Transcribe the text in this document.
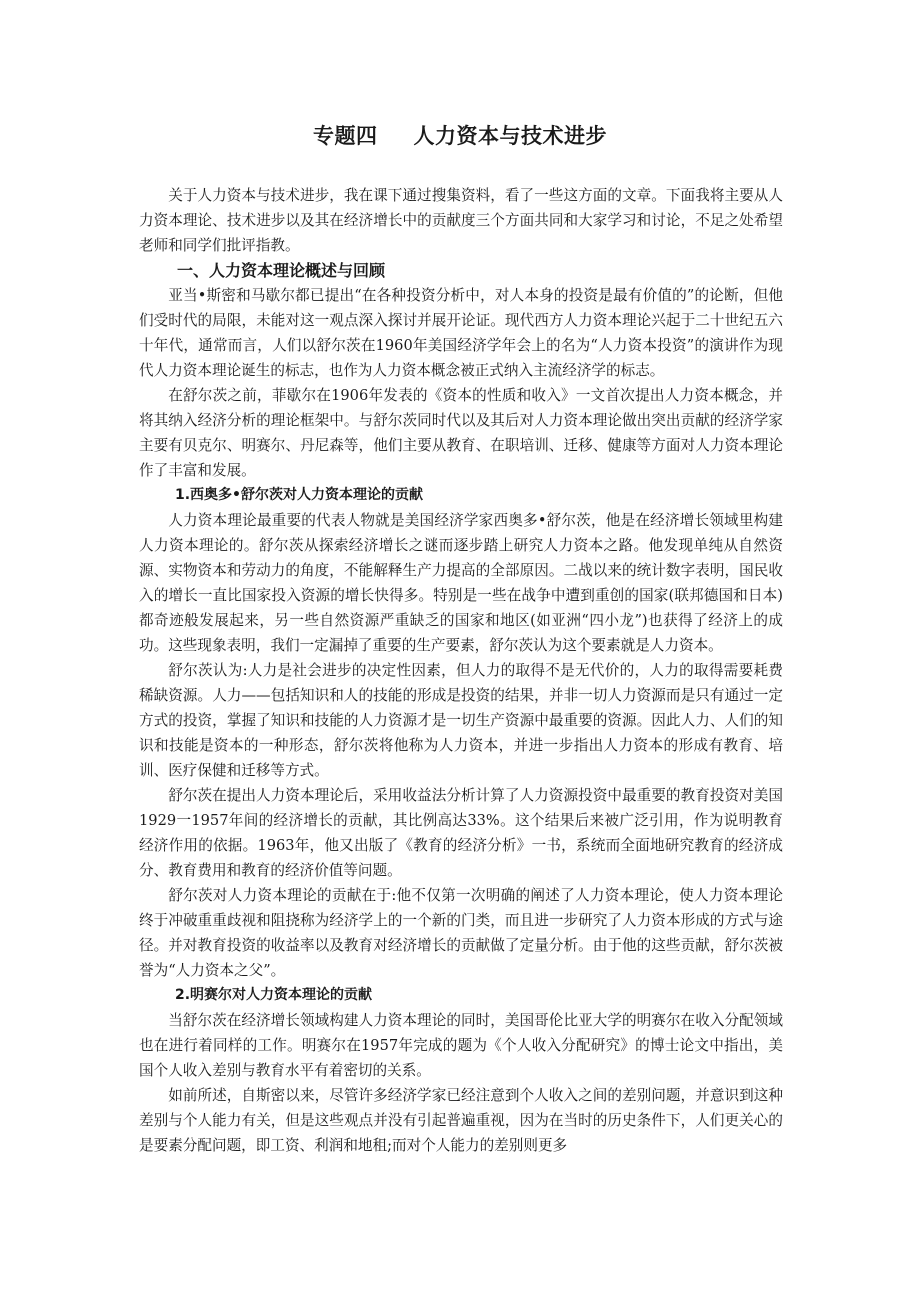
专题四 人力资本与技术进步

关于人力资本与技术进步，我在课下通过搜集资料，看了一些这方面的文章。下面我将主要从人力资本理论、技术进步以及其在经济增长中的贡献度三个方面共同和大家学习和讨论，不足之处希望老师和同学们批评指教。

一、人力资本理论概述与回顾

亚当•斯密和马歇尔都已提出“在各种投资分析中，对人本身的投资是最有价值的”的论断，但他们受时代的局限，未能对这一观点深入探讨并展开论证。现代西方人力资本理论兴起于二十世纪五六十年代，通常而言，人们以舒尔茨在1960年美国经济学年会上的名为“人力资本投资”的演讲作为现代人力资本理论诞生的标志，也作为人力资本概念被正式纳入主流经济学的标志。

在舒尔茨之前，菲歇尔在1906年发表的《资本的性质和收入》一文首次提出人力资本概念，并将其纳入经济分析的理论框架中。与舒尔茨同时代以及其后对人力资本理论做出突出贡献的经济学家主要有贝克尔、明赛尔、丹尼森等，他们主要从教育、在职培训、迁移、健康等方面对人力资本理论作了丰富和发展。

1.西奥多•舒尔茨对人力资本理论的贡献

人力资本理论最重要的代表人物就是美国经济学家西奥多•舒尔茨，他是在经济增长领域里构建人力资本理论的。舒尔茨从探索经济增长之谜而逐步踏上研究人力资本之路。他发现单纯从自然资源、实物资本和劳动力的角度，不能解释生产力提高的全部原因。二战以来的统计数字表明，国民收入的增长一直比国家投入资源的增长快得多。特别是一些在战争中遭到重创的国家(联邦德国和日本)都奇迹般发展起来，另一些自然资源严重缺乏的国家和地区(如亚洲“四小龙”)也获得了经济上的成功。这些现象表明，我们一定漏掉了重要的生产要素，舒尔茨认为这个要素就是人力资本。

舒尔茨认为:人力是社会进步的决定性因素，但人力的取得不是无代价的，人力的取得需要耗费稀缺资源。人力——包括知识和人的技能的形成是投资的结果，并非一切人力资源而是只有通过一定方式的投资，掌握了知识和技能的人力资源才是一切生产资源中最重要的资源。因此人力、人们的知识和技能是资本的一种形态，舒尔茨将他称为人力资本，并进一步指出人力资本的形成有教育、培训、医疗保健和迁移等方式。

舒尔茨在提出人力资本理论后，采用收益法分析计算了人力资源投资中最重要的教育投资对美国1929一1957年间的经济增长的贡献，其比例高达33%。这个结果后来被广泛引用，作为说明教育经济作用的依据。1963年，他又出版了《教育的经济分析》一书，系统而全面地研究教育的经济成分、教育费用和教育的经济价值等问题。

舒尔茨对人力资本理论的贡献在于:他不仅第一次明确的阐述了人力资本理论，使人力资本理论终于冲破重重歧视和阻挠称为经济学上的一个新的门类，而且进一步研究了人力资本形成的方式与途径。并对教育投资的收益率以及教育对经济增长的贡献做了定量分析。由于他的这些贡献，舒尔茨被誉为“人力资本之父”。

2.明赛尔对人力资本理论的贡献

当舒尔茨在经济增长领域构建人力资本理论的同时，美国哥伦比亚大学的明赛尔在收入分配领域也在进行着同样的工作。明赛尔在1957年完成的题为《个人收入分配研究》的博士论文中指出，美国个人收入差别与教育水平有着密切的关系。

如前所述，自斯密以来，尽管许多经济学家已经注意到个人收入之间的差别问题，并意识到这种差别与个人能力有关，但是这些观点并没有引起普遍重视，因为在当时的历史条件下，人们更关心的是要素分配问题，即工资、利润和地租;而对个人能力的差别则更多
